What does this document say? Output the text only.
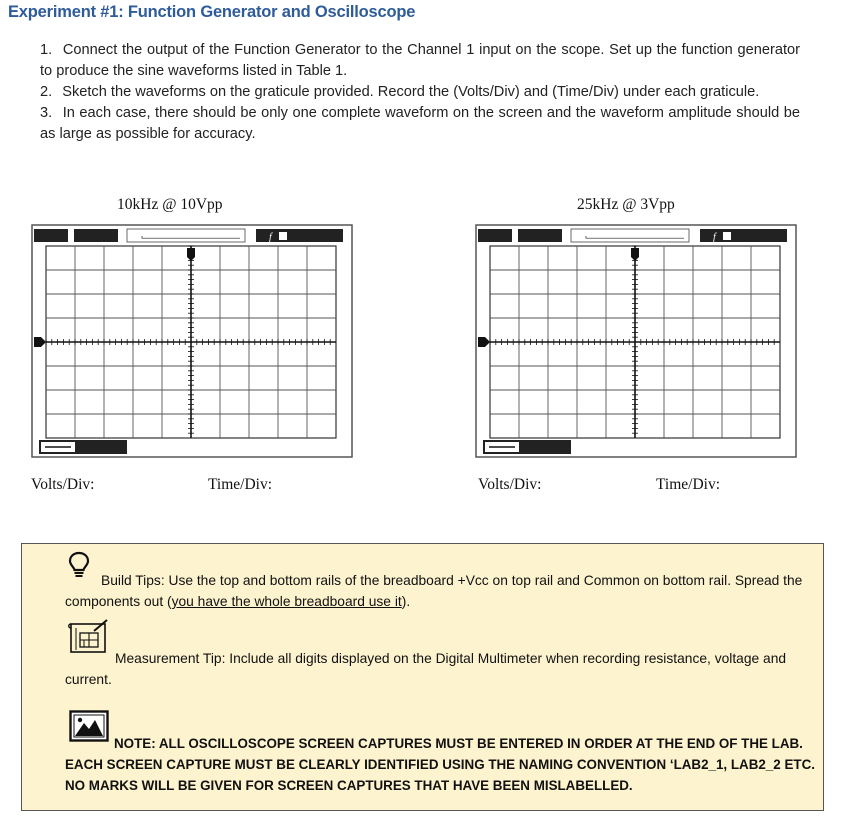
Experiment #1: Function Generator and Oscilloscope

1. Connect the output of the Function Generator to the Channel 1 input on the scope. Set up the function generator to produce the sine waveforms listed in Table 1.

2. Sketch the waveforms on the graticule provided. Record the (Volts/Div) and (Time/Div) under each graticule.

3. In each case, there should be only one complete waveform on the screen and the waveform amplitude should be as large as possible for accuracy.

10kHz @ 10Vpp
f
Volts/Div:	Time/Div:
25kHz @ 3Vpp
f
Volts/Div:	Time/Div:
Build Tips: Use the top and bottom rails of the breadboard +Vcc on top rail and Common on bottom rail. Spread the components out (you have the whole breadboard use it).
Measurement Tip: Include all digits displayed on the Digital Multimeter when recording resistance, voltage and current.
NOTE: ALL OSCILLOSCOPE SCREEN CAPTURES MUST BE ENTERED IN ORDER AT THE END OF THE LAB. EACH SCREEN CAPTURE MUST BE CLEARLY IDENTIFIED USING THE NAMING CONVENTION ‘LAB2_1, LAB2_2 ETC. NO MARKS WILL BE GIVEN FOR SCREEN CAPTURES THAT HAVE BEEN MISLABELLED.
